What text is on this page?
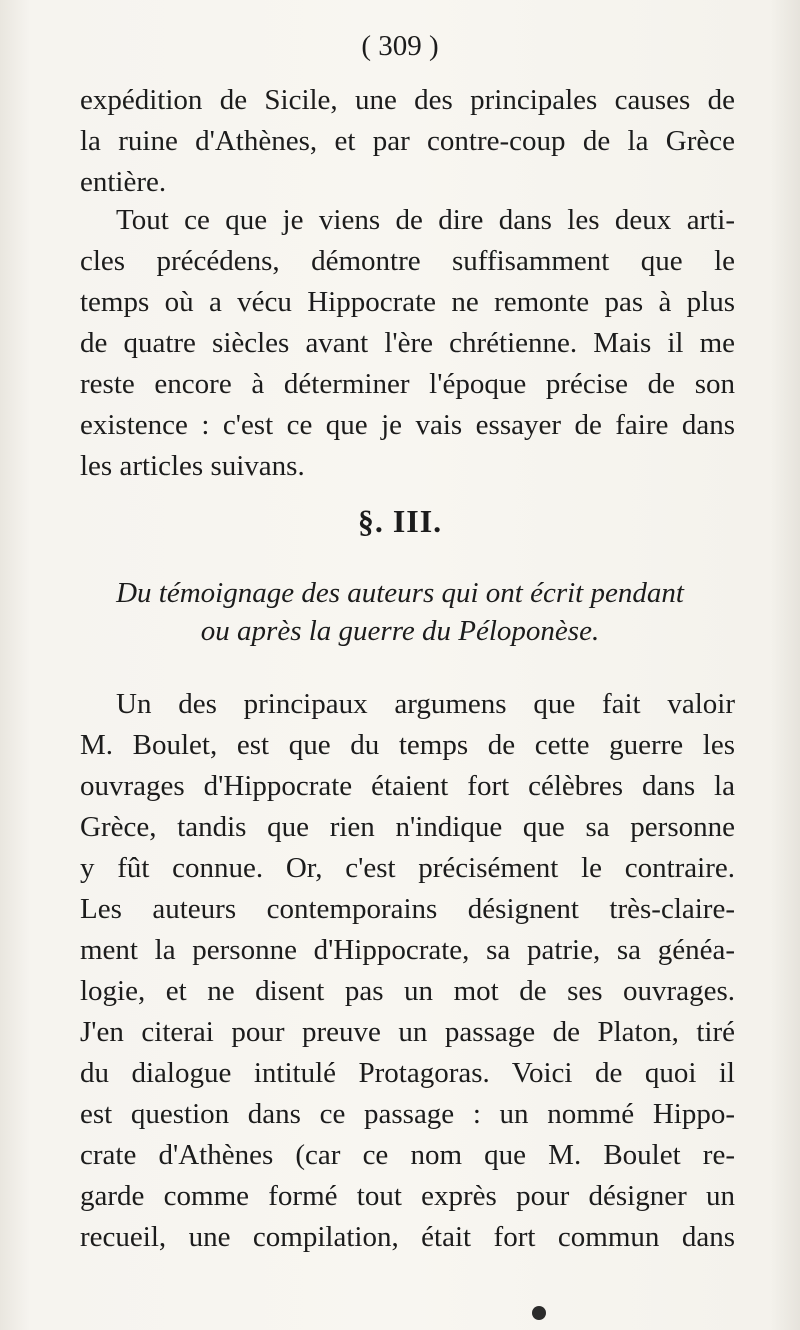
( 309 )
expédition de Sicile, une des principales causes de
la ruine d'Athènes, et par contre-coup de la Grèce
entière.
Tout ce que je viens de dire dans les deux arti-
cles précédens, démontre suffisamment que le
temps où a vécu Hippocrate ne remonte pas à plus
de quatre siècles avant l'ère chrétienne. Mais il me
reste encore à déterminer l'époque précise de son
existence : c'est ce que je vais essayer de faire dans
les articles suivans.
§. III.
Du témoignage des auteurs qui ont écrit pendant
ou après la guerre du Péloponèse.
Un des principaux argumens que fait valoir
M. Boulet, est que du temps de cette guerre les
ouvrages d'Hippocrate étaient fort célèbres dans la
Grèce, tandis que rien n'indique que sa personne
y fût connue. Or, c'est précisément le contraire.
Les auteurs contemporains désignent très-claire-
ment la personne d'Hippocrate, sa patrie, sa généa-
logie, et ne disent pas un mot de ses ouvrages.
J'en citerai pour preuve un passage de Platon, tiré
du dialogue intitulé Protagoras. Voici de quoi il
est question dans ce passage : un nommé Hippo-
crate d'Athènes (car ce nom que M. Boulet re-
garde comme formé tout exprès pour désigner un
recueil, une compilation, était fort commun dans
